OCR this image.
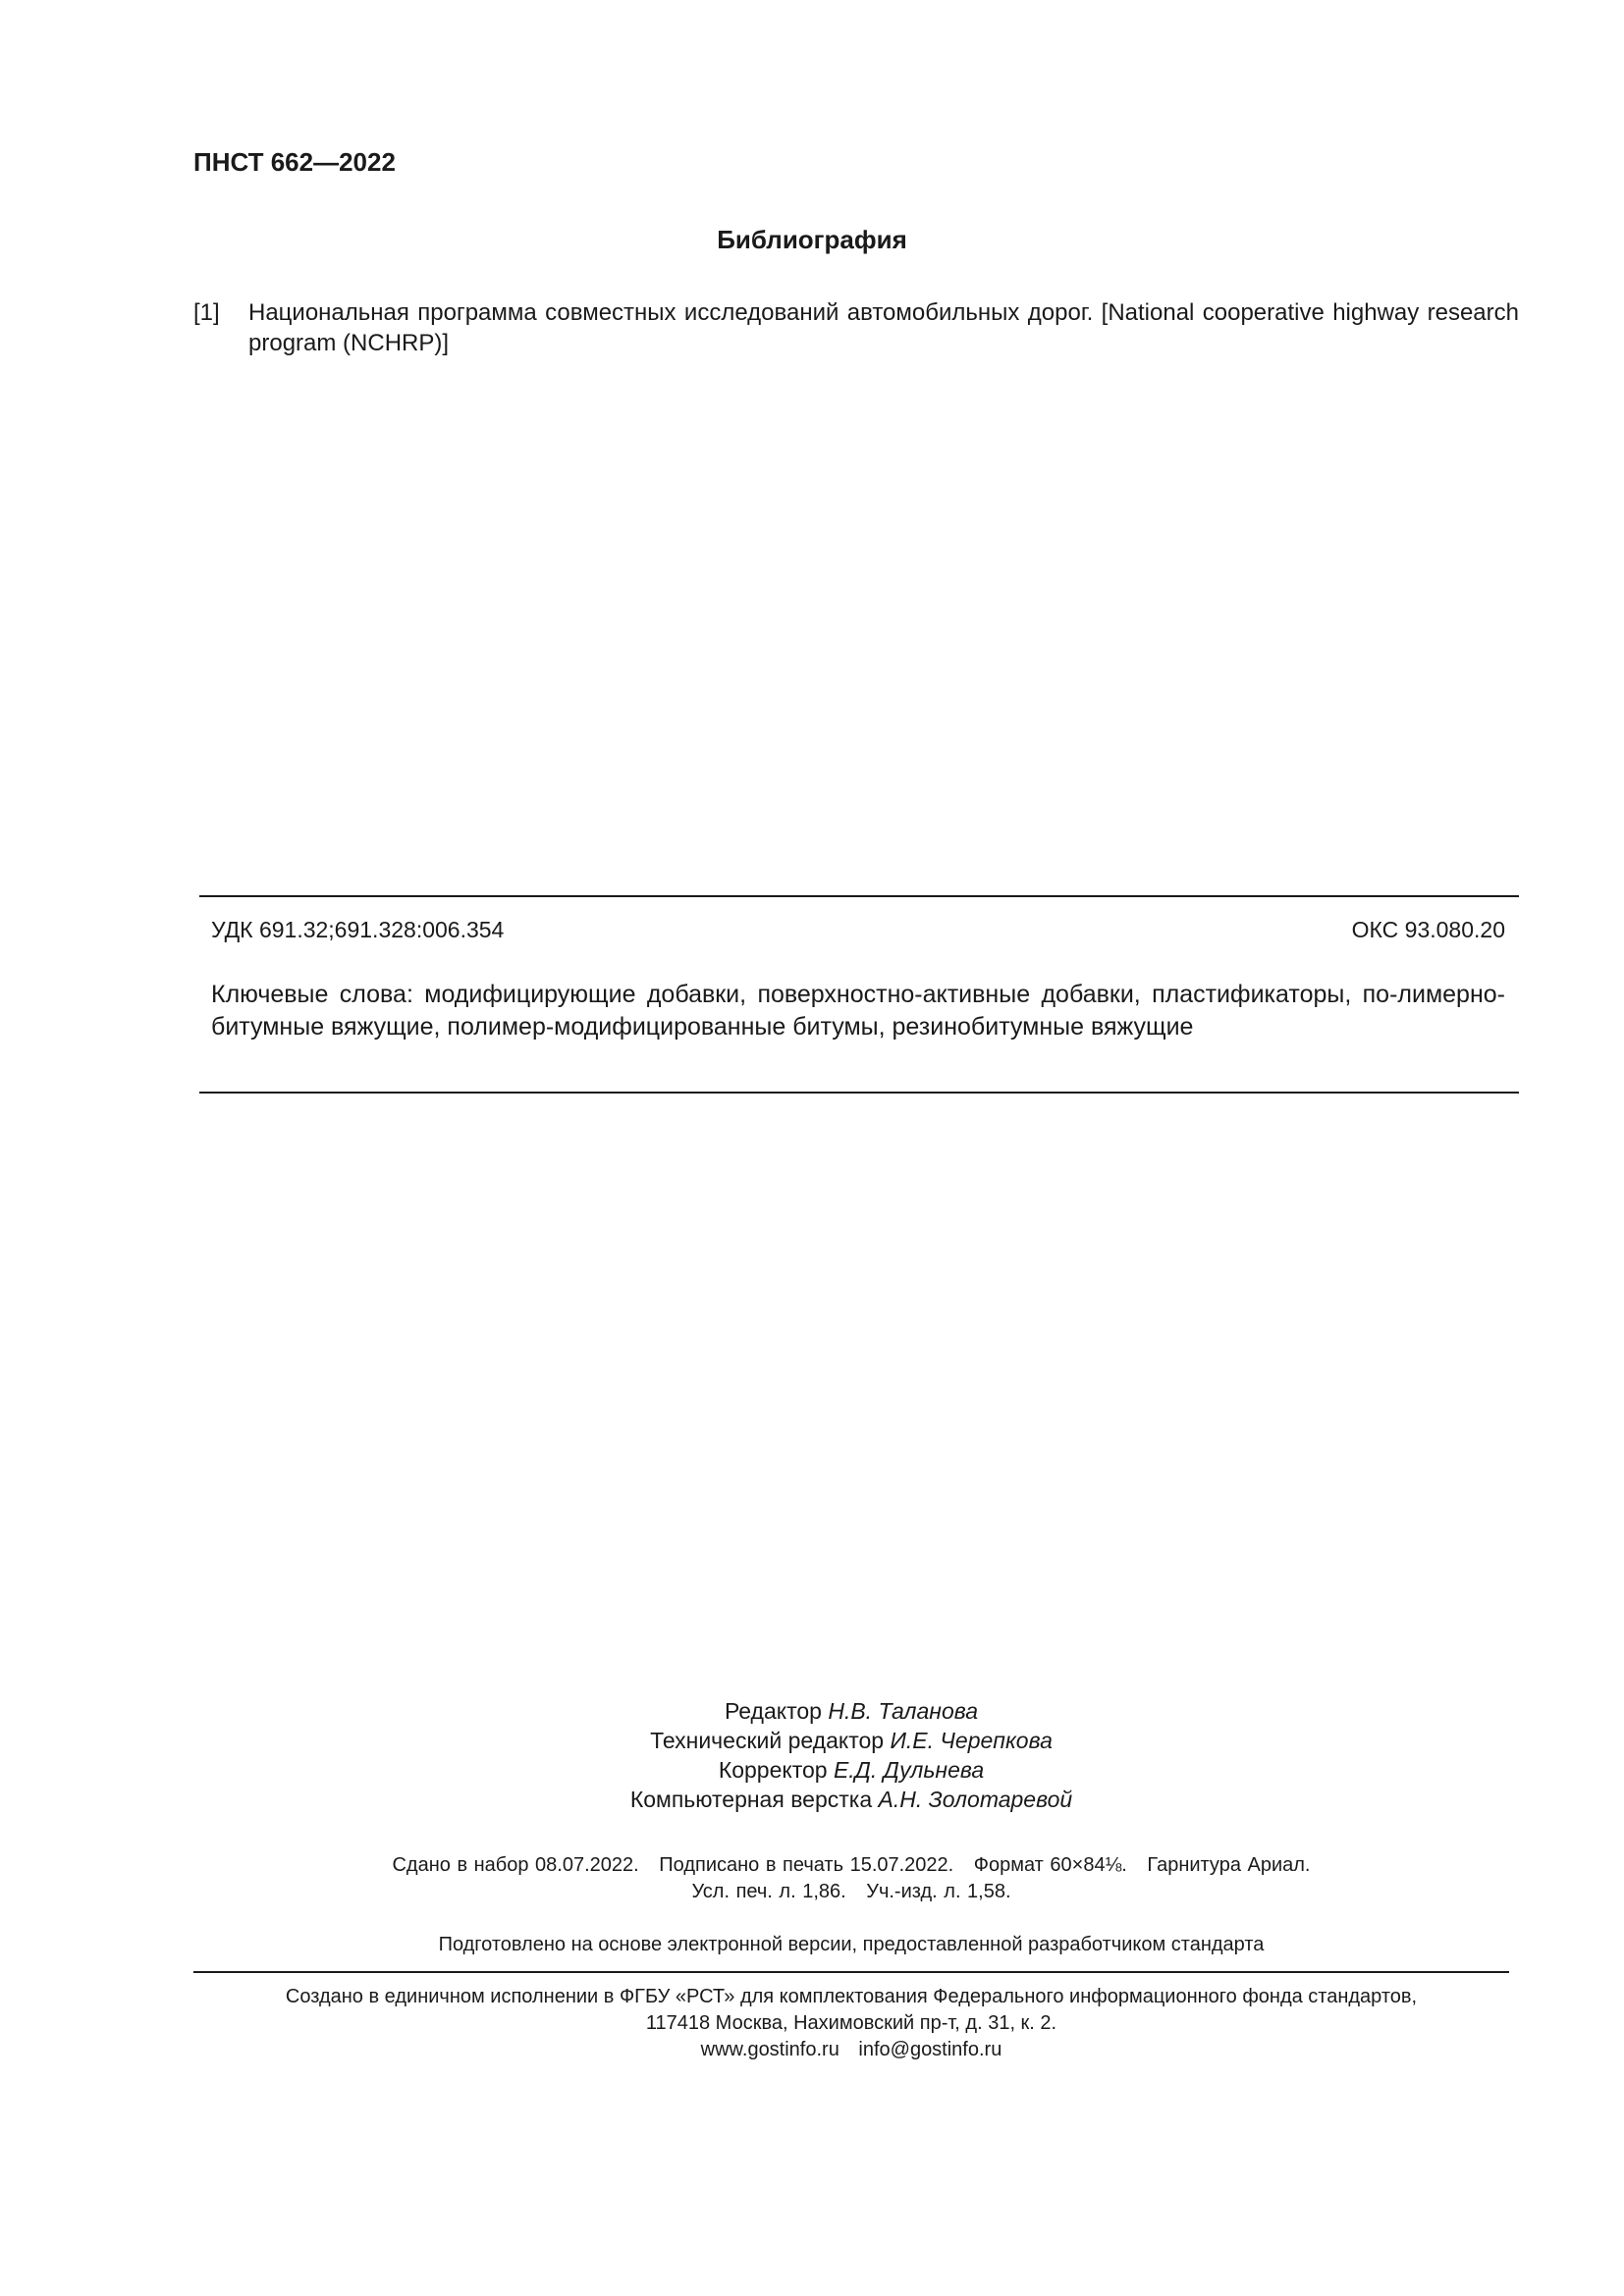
ПНСТ 662—2022
Библиография
[1] Национальная программа совместных исследований автомобильных дорог. [National cooperative highway research program (NCHRP)]
УДК 691.32;691.328:006.354	ОКС 93.080.20
Ключевые слова: модифицирующие добавки, поверхностно-активные добавки, пластификаторы, по-лимерно-битумные вяжущие, полимер-модифицированные битумы, резинобитумные вяжущие
Редактор Н.В. Таланова
Технический редактор И.Е. Черепкова
Корректор Е.Д. Дульнева
Компьютерная верстка А.Н. Золотаревой
Сдано в набор 08.07.2022. Подписано в печать 15.07.2022. Формат 60×84⅛. Гарнитура Ариал.
Усл. печ. л. 1,86. Уч.-изд. л. 1,58.
Подготовлено на основе электронной версии, предоставленной разработчиком стандарта
Создано в единичном исполнении в ФГБУ «РСТ» для комплектования Федерального информационного фонда стандартов,
117418 Москва, Нахимовский пр-т, д. 31, к. 2.
www.gostinfo.ru info@gostinfo.ru
